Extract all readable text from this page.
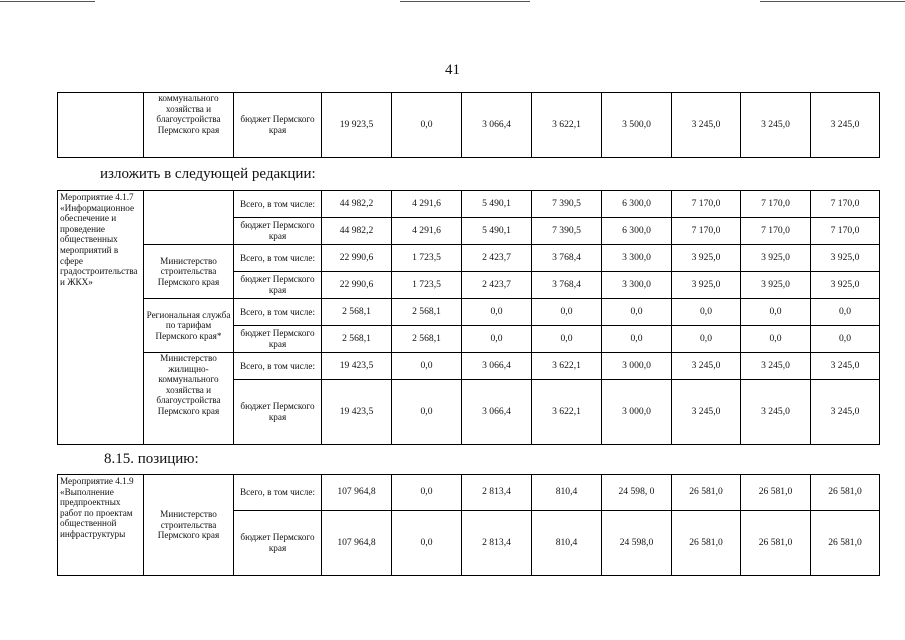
41
	коммунального хозяйства и благоустройства Пермского края	бюджет Пермского края	19 923,5	0,0	3 066,4	3 622,1	3 500,0	3 245,0	3 245,0	3 245,0
изложить в следующей редакции:
Мероприятие 4.1.7 «Информационное обеспечение и проведение общественных мероприятий в сфере градостроительства и ЖКХ»		Всего, в том числе:	44 982,2	4 291,6	5 490,1	7 390,5	6 300,0	7 170,0	7 170,0	7 170,0
		бюджет Пермского края	44 982,2	4 291,6	5 490,1	7 390,5	6 300,0	7 170,0	7 170,0	7 170,0
	Министерство строительства Пермского края	Всего, в том числе:	22 990,6	1 723,5	2 423,7	3 768,4	3 300,0	3 925,0	3 925,0	3 925,0
		бюджет Пермского края	22 990,6	1 723,5	2 423,7	3 768,4	3 300,0	3 925,0	3 925,0	3 925,0
	Региональная служба по тарифам Пермского края*	Всего, в том числе:	2 568,1	2 568,1	0,0	0,0	0,0	0,0	0,0	0,0
		бюджет Пермского края	2 568,1	2 568,1	0,0	0,0	0,0	0,0	0,0	0,0
	Министерство жилищно-коммунального хозяйства и благоустройства Пермского края	Всего, в том числе:	19 423,5	0,0	3 066,4	3 622,1	3 000,0	3 245,0	3 245,0	3 245,0
		бюджет Пермского края	19 423,5	0,0	3 066,4	3 622,1	3 000,0	3 245,0	3 245,0	3 245,0
8.15. позицию:
Мероприятие 4.1.9 «Выполнение предпроектных работ по проектам общественной инфраструктуры	Министерство строительства Пермского края	Всего, в том числе:	107 964,8	0,0	2 813,4	810,4	24 598, 0	26 581,0	26 581,0	26 581,0
		бюджет Пермского края	107 964,8	0,0	2 813,4	810,4	24 598,0	26 581,0	26 581,0	26 581,0
